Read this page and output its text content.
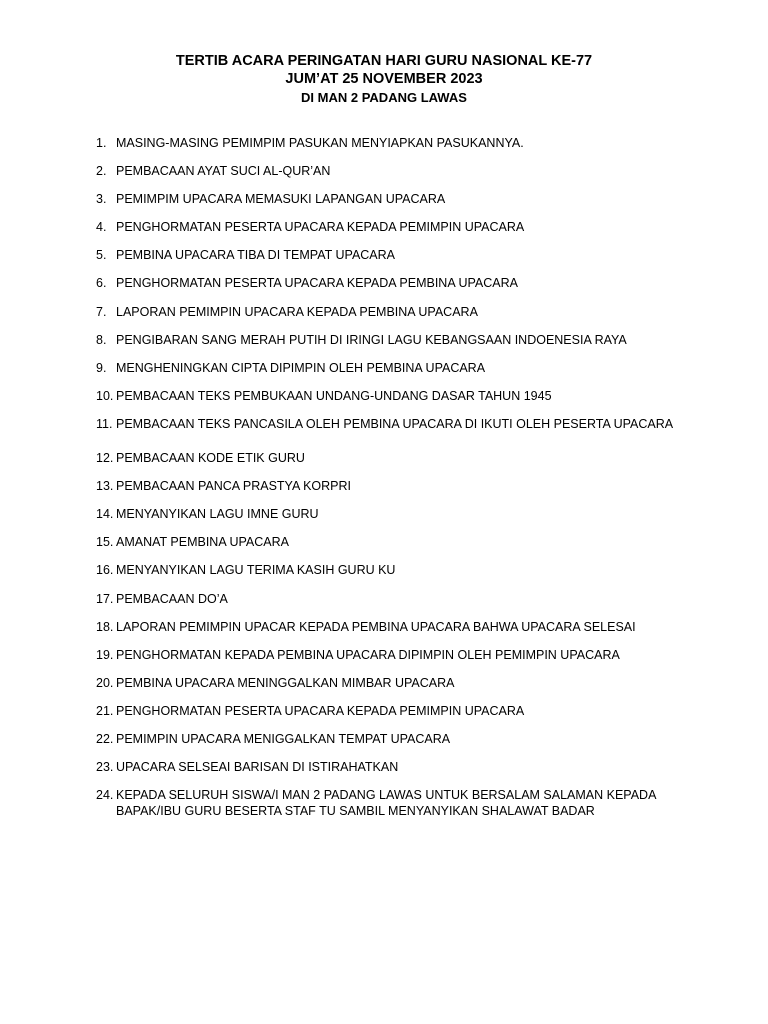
TERTIB ACARA PERINGATAN HARI GURU NASIONAL KE-77

JUM’AT 25 NOVEMBER 2023

DI MAN 2 PADANG LAWAS

1. MASING-MASING PEMIMPIM PASUKAN MENYIAPKAN PASUKANNYA.
2. PEMBACAAN AYAT SUCI AL-QUR’AN
3. PEMIMPIM UPACARA MEMASUKI LAPANGAN UPACARA
4. PENGHORMATAN PESERTA UPACARA KEPADA PEMIMPIN UPACARA
5. PEMBINA UPACARA TIBA DI TEMPAT UPACARA
6. PENGHORMATAN PESERTA UPACARA KEPADA PEMBINA UPACARA
7. LAPORAN PEMIMPIN UPACARA KEPADA PEMBINA UPACARA
8. PENGIBARAN SANG MERAH PUTIH DI IRINGI LAGU KEBANGSAAN INDOENESIA RAYA
9. MENGHENINGKAN CIPTA DIPIMPIN OLEH PEMBINA UPACARA
10. PEMBACAAN TEKS PEMBUKAAN UNDANG-UNDANG DASAR TAHUN 1945
11. PEMBACAAN TEKS PANCASILA OLEH PEMBINA UPACARA DI IKUTI OLEH PESERTA UPACARA
12. PEMBACAAN KODE ETIK GURU
13. PEMBACAAN PANCA PRASTYA KORPRI
14. MENYANYIKAN LAGU IMNE GURU
15. AMANAT PEMBINA UPACARA
16. MENYANYIKAN LAGU TERIMA KASIH GURU KU
17. PEMBACAAN DO’A
18. LAPORAN PEMIMPIN UPACAR KEPADA PEMBINA UPACARA BAHWA UPACARA SELESAI
19. PENGHORMATAN KEPADA PEMBINA UPACARA DIPIMPIN OLEH PEMIMPIN UPACARA
20. PEMBINA UPACARA MENINGGALKAN MIMBAR UPACARA
21. PENGHORMATAN PESERTA UPACARA KEPADA PEMIMPIN UPACARA
22. PEMIMPIN UPACARA MENIGGALKAN TEMPAT UPACARA
23. UPACARA SELSEAI BARISAN DI ISTIRAHATKAN
24. KEPADA SELURUH SISWA/I MAN 2 PADANG LAWAS UNTUK BERSALAM SALAMAN KEPADA BAPAK/IBU GURU BESERTA STAF TU SAMBIL MENYANYIKAN SHALAWAT BADAR
